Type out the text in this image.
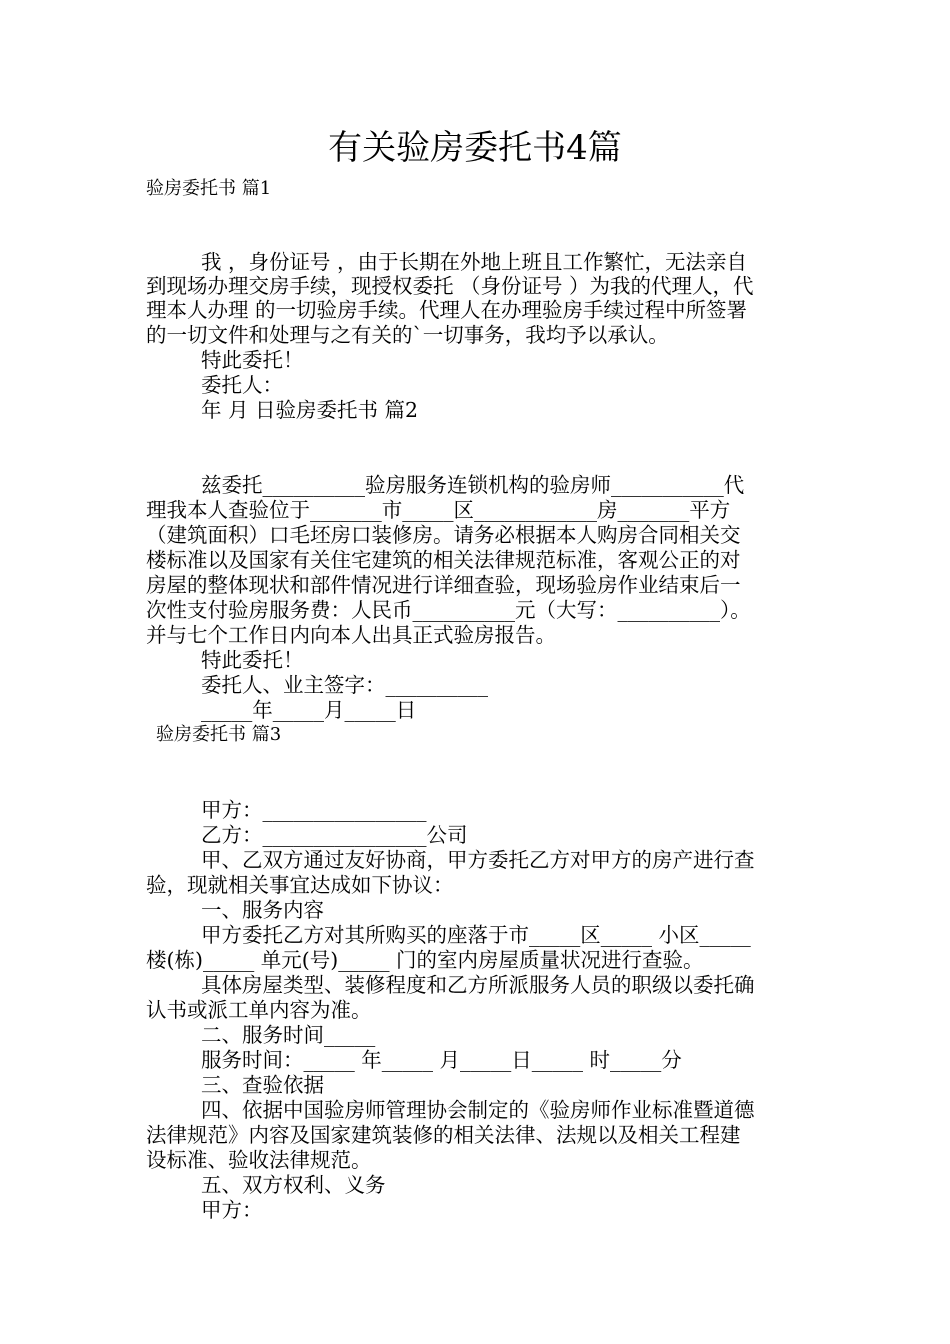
有关验房委托书4篇
验房委托书 篇1
我 ，身份证号 ，由于长期在外地上班且工作繁忙，无法亲自
到现场办理交房手续，现授权委托 （身份证号 ）为我的代理人，代
理本人办理 的一切验房手续。代理人在办理验房手续过程中所签署
的一切文件和处理与之有关的`一切事务，我均予以承认。
特此委托！
委托人：
年 月 日验房委托书 篇2
兹委托__________验房服务连锁机构的验房师___________代
理我本人查验位于_______市_____区____________房_______平方
（建筑面积）口毛坯房口装修房。请务必根据本人购房合同相关交
楼标准以及国家有关住宅建筑的相关法律规范标准，客观公正的对
房屋的整体现状和部件情况进行详细查验，现场验房作业结束后一
次性支付验房服务费：人民币__________元（大写：__________）。
并与七个工作日内向本人出具正式验房报告。
特此委托！
委托人、业主签字：__________
_____年_____月_____日
验房委托书 篇3
甲方：________________
乙方：________________公司
甲、乙双方通过友好协商，甲方委托乙方对甲方的房产进行查
验，现就相关事宜达成如下协议：
一、服务内容
甲方委托乙方对其所购买的座落于市_____区_____ 小区_____
楼(栋)_____ 单元(号)_____ 门的室内房屋质量状况进行查验。
具体房屋类型、装修程度和乙方所派服务人员的职级以委托确
认书或派工单内容为准。
二、服务时间_____
服务时间：_____ 年_____ 月_____日_____ 时_____分
三、查验依据
四、依据中国验房师管理协会制定的《验房师作业标准暨道德
法律规范》内容及国家建筑装修的相关法律、法规以及相关工程建
设标准、验收法律规范。
五、双方权利、义务
甲方：
